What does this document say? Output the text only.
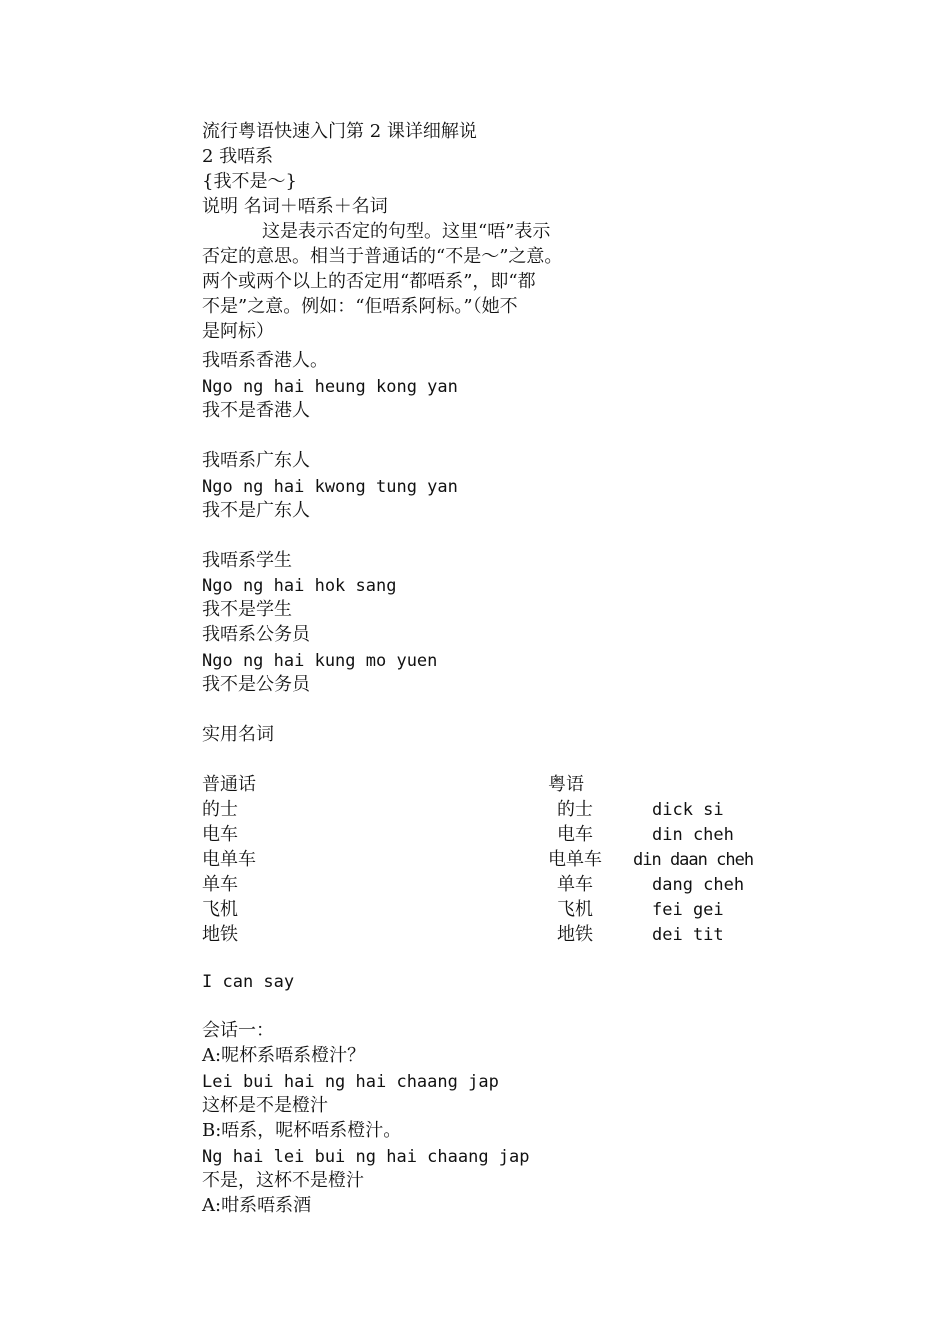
流行粤语快速入门第 2 课详细解说
2 我唔系
{我不是～}
说明 名词＋唔系＋名词
这是表示否定的句型。这里“唔”表示
否定的意思。相当于普通话的“不是～”之意。
两个或两个以上的否定用“都唔系”，即“都
不是”之意。例如：“佢唔系阿标。”（她不
是阿标）
我唔系香港人。
Ngo ng hai heung kong yan
我不是香港人
我唔系广东人
Ngo ng hai kwong tung yan
我不是广东人
我唔系学生
Ngo ng hai hok sang
我不是学生
我唔系公务员
Ngo ng hai kung mo yuen
我不是公务员
实用名词
普通话	粤语
的士	的士	dick si
电车	电车	din cheh
电单车	电单车 din daan cheh
单车	单车	dang cheh
飞机	飞机	fei gei
地铁	地铁	dei tit
I can say
会话一：
A:呢杯系唔系橙汁？
Lei bui hai ng hai chaang jap
这杯是不是橙汁
B:唔系，呢杯唔系橙汁。
Ng hai lei bui ng hai chaang jap
不是，这杯不是橙汁
A:咁系唔系酒
